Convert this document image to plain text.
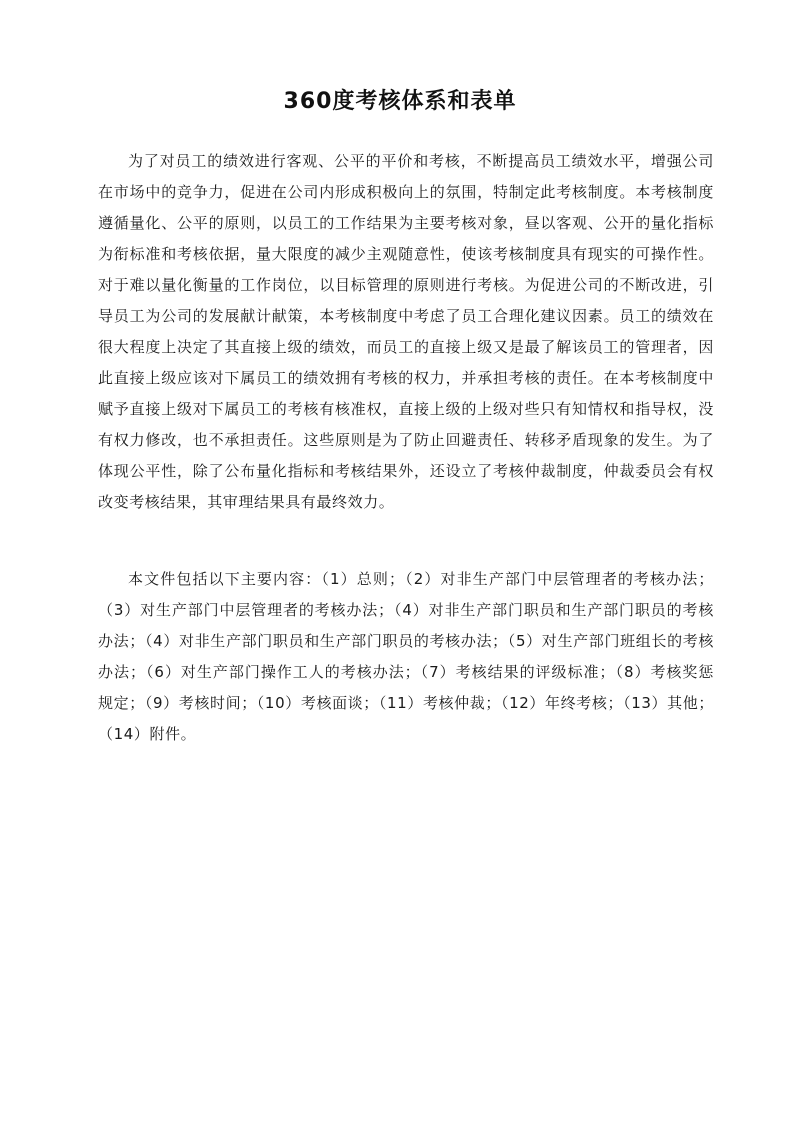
360度考核体系和表单

为了对员工的绩效进行客观、公平的平价和考核，不断提高员工绩效水平，增强公司在市场中的竞争力，促进在公司内形成积极向上的氛围，特制定此考核制度。本考核制度遵循量化、公平的原则，以员工的工作结果为主要考核对象，昼以客观、公开的量化指标为衔标准和考核依据，量大限度的减少主观随意性，使该考核制度具有现实的可操作性。对于难以量化衡量的工作岗位，以目标管理的原则进行考核。为促进公司的不断改进，引导员工为公司的发展献计献策，本考核制度中考虑了员工合理化建议因素。员工的绩效在很大程度上决定了其直接上级的绩效，而员工的直接上级又是最了解该员工的管理者，因此直接上级应该对下属员工的绩效拥有考核的权力，并承担考核的责任。在本考核制度中赋予直接上级对下属员工的考核有核准权，直接上级的上级对些只有知情权和指导权，没有权力修改，也不承担责任。这些原则是为了防止回避责任、转移矛盾现象的发生。为了体现公平性，除了公布量化指标和考核结果外，还设立了考核仲裁制度，仲裁委员会有权改变考核结果，其审理结果具有最终效力。

本文件包括以下主要内容：（1）总则；（2）对非生产部门中层管理者的考核办法；（3）对生产部门中层管理者的考核办法；（4）对非生产部门职员和生产部门职员的考核办法；（4）对非生产部门职员和生产部门职员的考核办法；（5）对生产部门班组长的考核办法；（6）对生产部门操作工人的考核办法；（7）考核结果的评级标准；（8）考核奖惩规定；（9）考核时间；（10）考核面谈；（11）考核仲裁；（12）年终考核；（13）其他；（14）附件。
